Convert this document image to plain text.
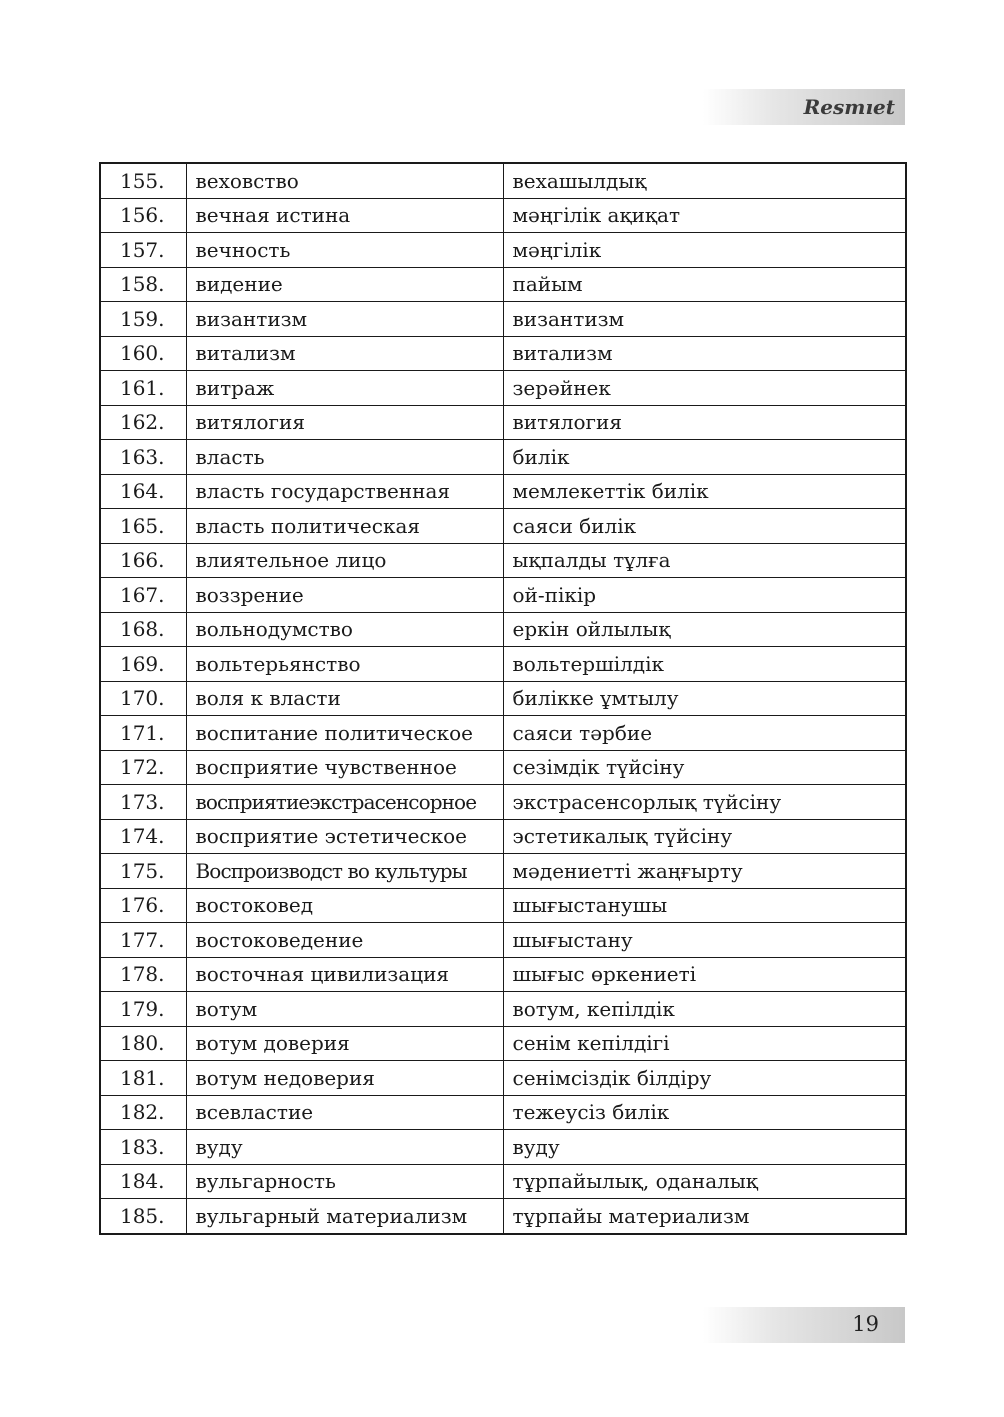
Resmıet
155.	веховство	вехашылдық
156.	вечная истина	мәңгілік ақиқат
157.	вечность	мәңгілік
158.	видение	пайым
159.	византизм	византизм
160.	витализм	витализм
161.	витраж	зерәйнек
162.	витялогия	витялогия
163.	власть	билік
164.	власть государственная	мемлекеттік билік
165.	власть политическая	саяси билік
166.	влиятельное лицо	ықпалды тұлға
167.	воззрение	ой-пікір
168.	вольнодумство	еркін ойлылық
169.	вольтерьянство	вольтершілдік
170.	воля к власти	билікке ұмтылу
171.	воспитание политическое	саяси тәрбие
172.	восприятие чувственное	сезімдік түйсіну
173.	восприятиеэкстрасенсорное	экстрасенсорлық түйсіну
174.	восприятие эстетическое	эстетикалық түйсіну
175.	Воспроизводст во культуры	мәдениетті жаңғырту
176.	востоковед	шығыстанушы
177.	востоковедение	шығыстану
178.	восточная цивилизация	шығыс өркениеті
179.	вотум	вотум, кепілдік
180.	вотум доверия	сенім кепілдігі
181.	вотум недоверия	сенімсіздік білдіру
182.	всевластие	тежеусіз билік
183.	вуду	вуду
184.	вульгарность	тұрпайылық, оданалық
185.	вульгарный материализм	тұрпайы материализм
19
